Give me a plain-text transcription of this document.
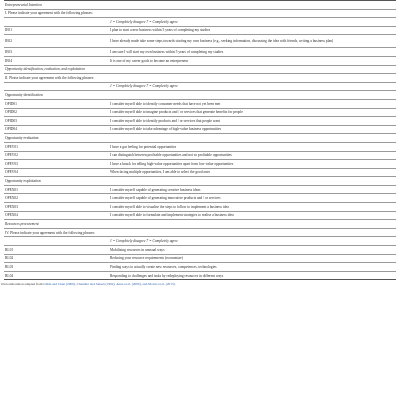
Entrepreneurial Intention
I. Please indicate your agreement with the following phrases:
1 = Completely disagree 7 = Completely agree
IE01	I plan to start a new business within 5 years of completing my studies
IE02	I have already made take some steps towards starting my own business (e.g., seeking information, discussing the idea with friends, writing a business plan)
IE03	I am sure I will start my own business within 5 years of completing my studies
IE04	It is one of my career goals to become an entrepreneur
Opportunity identification, evaluation, and exploitation
II. Please indicate your agreement with the following phrases:
1 = Completely disagree 7 = Completely agree
Opportunity identification
OPID01	I consider myself able to identify consumer needs that have not yet been met
OPID02	I consider myself able to imagine products and / or services that generate benefits for people
OPID03	I consider myself able to identify products and / or services that people want
OPID04	I consider myself able to take advantage of high-value business opportunities
Opportunity evaluation
OPEV01	I have a gut feeling for potential opportunities
OPEV02	I can distinguish between profitable opportunities and not so profitable opportunities
OPEV03	I have a knack for telling high-value opportunities apart from low-value opportunities
OPEV04	When facing multiple opportunities, I am able to select the good ones
Opportunity exploitation
OPEX01	I consider myself capable of generating creative business ideas
OPEX02	I consider myself capable of generating innovative products and / or services
OPEX03	I consider myself able to visualise the steps to follow to implement a business idea
OPEX04	I consider myself able to formulate and implement strategies to realise a business idea
Resources procurement
IV. Please indicate your agreement with the following phrases:
1 = Completely disagree 7 = Completely agree
RL01	Mobilizing resources in unusual ways
RL02	Reducing your resource requirements (economize)
RL03	Finding ways to actually create new resources, competences, technologies
RL04	Responding to challenges and tasks by redeploying resources in different ways
Own elaboration adapted from Liñán and Chen (2009), Chandler and Jansen (1992), Anna et al. (2000), and Morris et al. (2013).
